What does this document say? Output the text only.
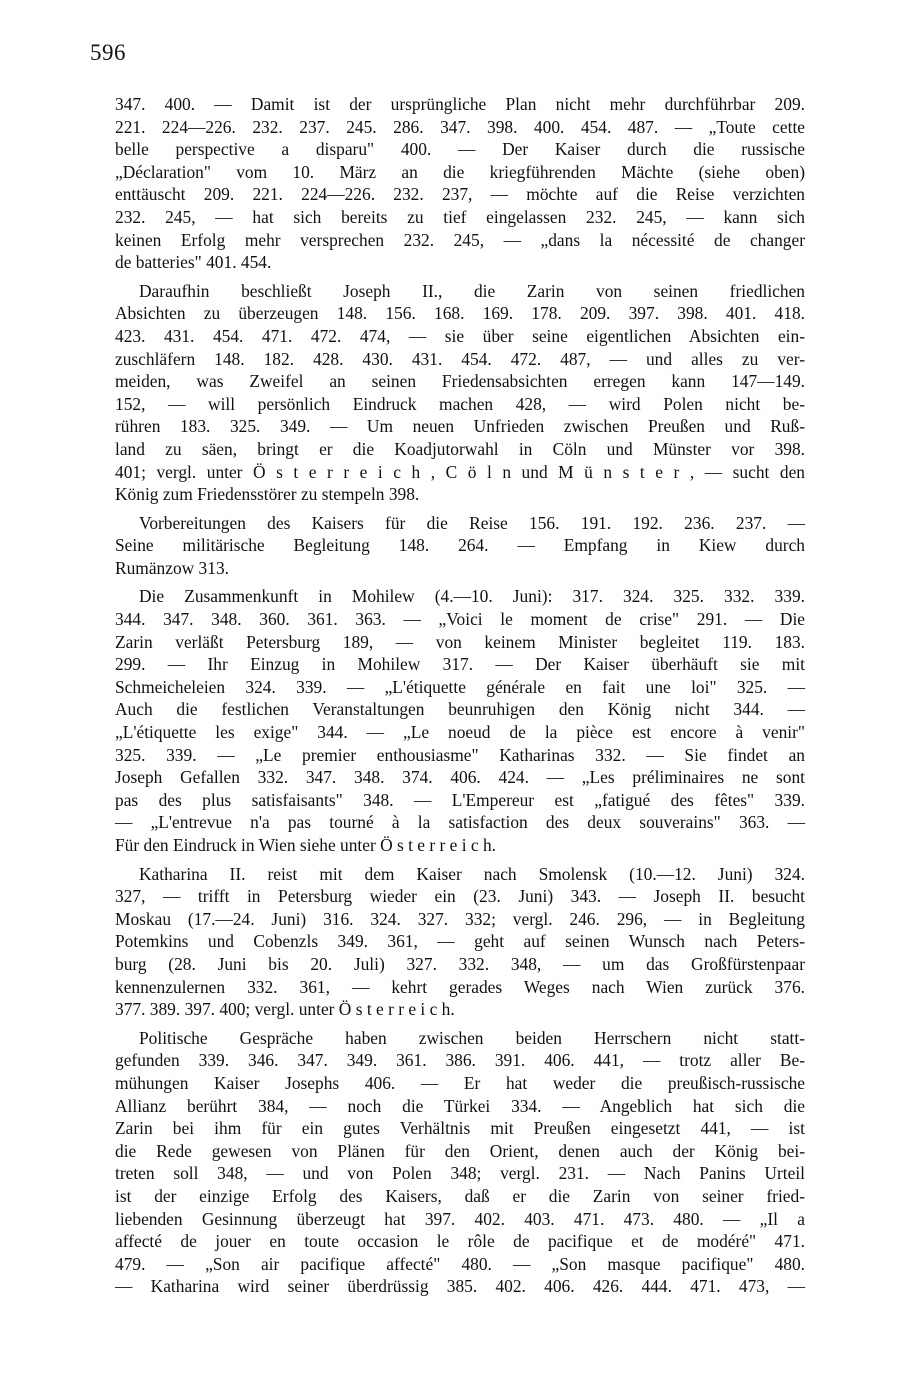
596
347. 400. — Damit ist der ursprüngliche Plan nicht mehr durchführbar 209.
221. 224—226. 232. 237. 245. 286. 347. 398. 400. 454. 487. — „Toute cette
belle perspective a disparu" 400. — Der Kaiser durch die russische
„Déclaration" vom 10. März an die kriegführenden Mächte (siehe oben)
enttäuscht 209. 221. 224—226. 232. 237, — möchte auf die Reise verzichten
232. 245, — hat sich bereits zu tief eingelassen 232. 245, — kann sich
keinen Erfolg mehr versprechen 232. 245, — „dans la nécessité de changer
de batteries" 401. 454.
Daraufhin beschließt Joseph II., die Zarin von seinen friedlichen
Absichten zu überzeugen 148. 156. 168. 169. 178. 209. 397. 398. 401. 418.
423. 431. 454. 471. 472. 474, — sie über seine eigentlichen Absichten ein-
zuschläfern 148. 182. 428. 430. 431. 454. 472. 487, — und alles zu ver-
meiden, was Zweifel an seinen Friedensabsichten erregen kann 147—149.
152, — will persönlich Eindruck machen 428, — wird Polen nicht be-
rühren 183. 325. 349. — Um neuen Unfrieden zwischen Preußen und Ruß-
land zu säen, bringt er die Koadjutorwahl in Cöln und Münster vor 398.
401; vergl. unter Ö s t e r r e i c h , C ö l n und M ü n s t e r , — sucht den
König zum Friedensstörer zu stempeln 398.
Vorbereitungen des Kaisers für die Reise 156. 191. 192. 236. 237. —
Seine militärische Begleitung 148. 264. — Empfang in Kiew durch
Rumänzow 313.
Die Zusammenkunft in Mohilew (4.—10. Juni): 317. 324. 325. 332. 339.
344. 347. 348. 360. 361. 363. — „Voici le moment de crise" 291. — Die
Zarin verläßt Petersburg 189, — von keinem Minister begleitet 119. 183.
299. — Ihr Einzug in Mohilew 317. — Der Kaiser überhäuft sie mit
Schmeicheleien 324. 339. — „L'étiquette générale en fait une loi" 325. —
Auch die festlichen Veranstaltungen beunruhigen den König nicht 344. —
„L'étiquette les exige" 344. — „Le noeud de la pièce est encore à venir"
325. 339. — „Le premier enthousiasme" Katharinas 332. — Sie findet an
Joseph Gefallen 332. 347. 348. 374. 406. 424. — „Les préliminaires ne sont
pas des plus satisfaisants" 348. — L'Empereur est „fatigué des fêtes" 339.
— „L'entrevue n'a pas tourné à la satisfaction des deux souverains" 363. —
Für den Eindruck in Wien siehe unter Ö s t e r r e i c h.
Katharina II. reist mit dem Kaiser nach Smolensk (10.—12. Juni) 324.
327, — trifft in Petersburg wieder ein (23. Juni) 343. — Joseph II. besucht
Moskau (17.—24. Juni) 316. 324. 327. 332; vergl. 246. 296, — in Begleitung
Potemkins und Cobenzls 349. 361, — geht auf seinen Wunsch nach Peters-
burg (28. Juni bis 20. Juli) 327. 332. 348, — um das Großfürstenpaar
kennenzulernen 332. 361, — kehrt gerades Weges nach Wien zurück 376.
377. 389. 397. 400; vergl. unter Ö s t e r r e i c h.
Politische Gespräche haben zwischen beiden Herrschern nicht statt-
gefunden 339. 346. 347. 349. 361. 386. 391. 406. 441, — trotz aller Be-
mühungen Kaiser Josephs 406. — Er hat weder die preußisch-russische
Allianz berührt 384, — noch die Türkei 334. — Angeblich hat sich die
Zarin bei ihm für ein gutes Verhältnis mit Preußen eingesetzt 441, — ist
die Rede gewesen von Plänen für den Orient, denen auch der König bei-
treten soll 348, — und von Polen 348; vergl. 231. — Nach Panins Urteil
ist der einzige Erfolg des Kaisers, daß er die Zarin von seiner fried-
liebenden Gesinnung überzeugt hat 397. 402. 403. 471. 473. 480. — „Il a
affecté de jouer en toute occasion le rôle de pacifique et de modéré" 471.
479. — „Son air pacifique affecté" 480. — „Son masque pacifique" 480.
— Katharina wird seiner überdrüssig 385. 402. 406. 426. 444. 471. 473, —
